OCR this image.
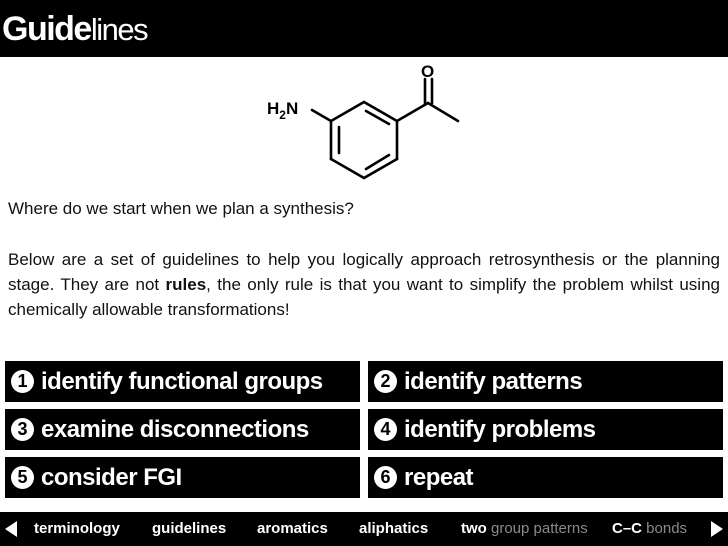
Guidelines
$H_2N$
O
Where do we start when we plan a synthesis?
Below are a set of guidelines to help you logically approach retrosynthesis or the planning stage. They are not rules, the only rule is that you want to simplify the problem whilst using chemically allowable transformations!
1 identify functional groups	2 identify patterns
3 examine disconnections	4 identify problems
5 consider FGI	6 repeat
terminology guidelines aromatics aliphatics two group patterns C–C bonds
